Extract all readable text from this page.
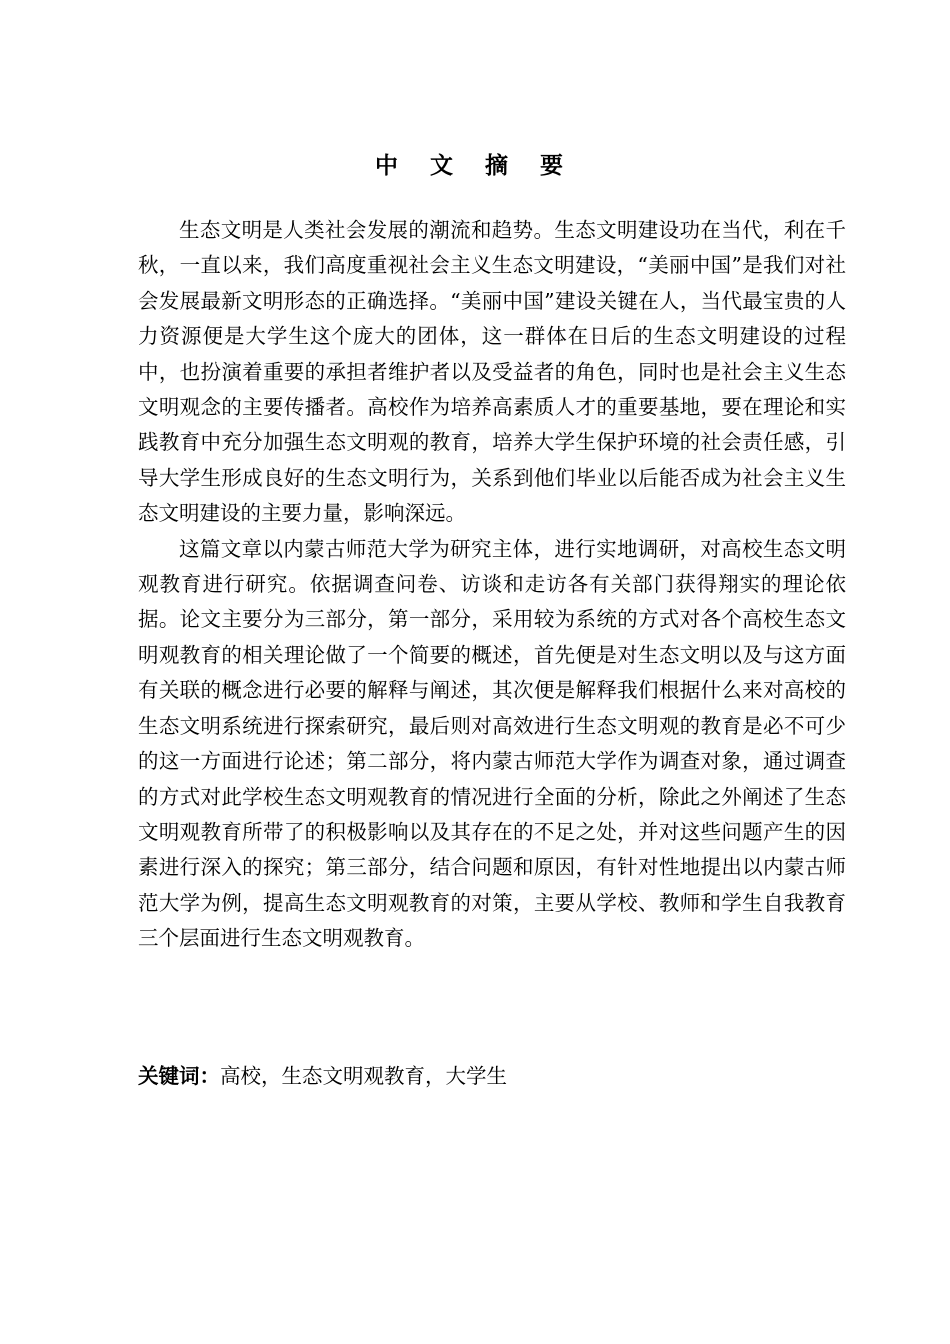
中 文 摘 要

生态文明是人类社会发展的潮流和趋势。生态文明建设功在当代，利在千秋，一直以来，我们高度重视社会主义生态文明建设，“美丽中国”是我们对社会发展最新文明形态的正确选择。“美丽中国”建设关键在人，当代最宝贵的人力资源便是大学生这个庞大的团体，这一群体在日后的生态文明建设的过程中，也扮演着重要的承担者维护者以及受益者的角色，同时也是社会主义生态文明观念的主要传播者。高校作为培养高素质人才的重要基地，要在理论和实践教育中充分加强生态文明观的教育，培养大学生保护环境的社会责任感，引导大学生形成良好的生态文明行为，关系到他们毕业以后能否成为社会主义生态文明建设的主要力量，影响深远。

这篇文章以内蒙古师范大学为研究主体，进行实地调研，对高校生态文明观教育进行研究。依据调查问卷、访谈和走访各有关部门获得翔实的理论依据。论文主要分为三部分，第一部分，采用较为系统的方式对各个高校生态文明观教育的相关理论做了一个简要的概述，首先便是对生态文明以及与这方面有关联的概念进行必要的解释与阐述，其次便是解释我们根据什么来对高校的生态文明系统进行探索研究，最后则对高效进行生态文明观的教育是必不可少的这一方面进行论述；第二部分，将内蒙古师范大学作为调查对象，通过调查的方式对此学校生态文明观教育的情况进行全面的分析，除此之外阐述了生态文明观教育所带了的积极影响以及其存在的不足之处，并对这些问题产生的因素进行深入的探究；第三部分，结合问题和原因，有针对性地提出以内蒙古师范大学为例，提高生态文明观教育的对策，主要从学校、教师和学生自我教育三个层面进行生态文明观教育。

关键词：高校，生态文明观教育，大学生
